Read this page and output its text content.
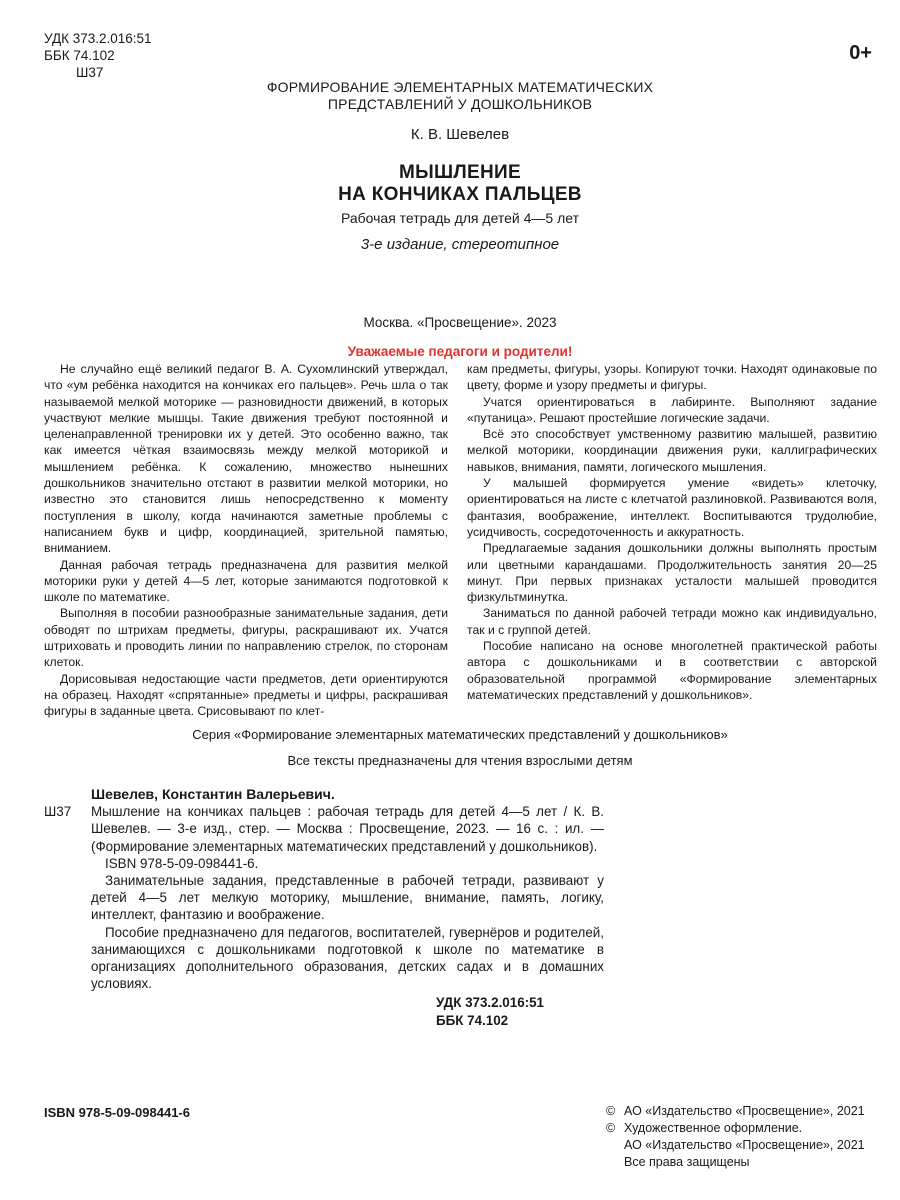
УДК 373.2.016:51
ББК 74.102
Ш37
0+
ФОРМИРОВАНИЕ ЭЛЕМЕНТАРНЫХ МАТЕМАТИЧЕСКИХ
ПРЕДСТАВЛЕНИЙ У ДОШКОЛЬНИКОВ
К. В. Шевелев
МЫШЛЕНИЕ
НА КОНЧИКАХ ПАЛЬЦЕВ
Рабочая тетрадь для детей 4—5 лет
3-е издание, стереотипное
Москва. «Просвещение». 2023
Уважаемые педагоги и родители!

Не случайно ещё великий педагог В. А. Сухомлинский утверждал, что «ум ребёнка находится на кончиках его пальцев». Речь шла о так называемой мелкой моторике — разновидности движений, в которых участвуют мелкие мышцы. Такие движения требуют постоянной и целенаправленной тренировки их у детей. Это особенно важно, так как имеется чёткая взаимосвязь между мелкой моторикой и мышлением ребёнка. К сожалению, множество нынешних дошкольников значительно отстают в развитии мелкой моторики, но известно это становится лишь непосредственно к моменту поступления в школу, когда начинаются заметные проблемы с написанием букв и цифр, координацией, зрительной памятью, вниманием.

Данная рабочая тетрадь предназначена для развития мелкой моторики руки у детей 4—5 лет, которые занимаются подготовкой к школе по математике.

Выполняя в пособии разнообразные занимательные задания, дети обводят по штрихам предметы, фигуры, раскрашивают их. Учатся штриховать и проводить линии по направлению стрелок, по сторонам клеток.

Дорисовывая недостающие части предметов, дети ориентируются на образец. Находят «спрятанные» предметы и цифры, раскрашивая фигуры в заданные цвета. Срисовывают по клет-

кам предметы, фигуры, узоры. Копируют точки. Находят одинаковые по цвету, форме и узору предметы и фигуры.

Учатся ориентироваться в лабиринте. Выполняют задание «путаница». Решают простейшие логические задачи.

Всё это способствует умственному развитию малышей, развитию мелкой моторики, координации движения руки, каллиграфических навыков, внимания, памяти, логического мышления.

У малышей формируется умение «видеть» клеточку, ориентироваться на листе с клетчатой разлиновкой. Развиваются воля, фантазия, воображение, интеллект. Воспитываются трудолюбие, усидчивость, сосредоточенность и аккуратность.

Предлагаемые задания дошкольники должны выполнять простым или цветными карандашами. Продолжительность занятия 20—25 минут. При первых признаках усталости малышей проводится физкультминутка.

Заниматься по данной рабочей тетради можно как индивидуально, так и с группой детей.

Пособие написано на основе многолетней практической работы автора с дошкольниками и в соответствии с авторской образовательной программой «Формирование элементарных математических представлений у дошкольников».

Серия «Формирование элементарных математических представлений у дошкольников»
Все тексты предназначены для чтения взрослыми детям
Шевелев, Константин Валерьевич.
Ш37	Мышление на кончиках пальцев : рабочая тетрадь для детей 4—5 лет / К. В. Шевелев. — 3-е изд., стер. — Москва : Просвещение, 2023. — 16 с. : ил. — (Формирование элементарных математических представлений у дошкольников).

ISBN 978-5-09-098441-6.

Занимательные задания, представленные в рабочей тетради, развивают у детей 4—5 лет мелкую моторику, мышление, внимание, память, логику, интеллект, фантазию и воображение.

Пособие предназначено для педагогов, воспитателей, гувернёров и родителей, занимающихся с дошкольниками подготовкой к школе по математике в организациях дополнительного образования, детских садах и в домашних условиях.

УДК 373.2.016:51
ББК 74.102
ISBN 978-5-09-098441-6	© АО «Издательство «Просвещение», 2021
© Художественное оформление.
АО «Издательство «Просвещение», 2021
Все права защищены
